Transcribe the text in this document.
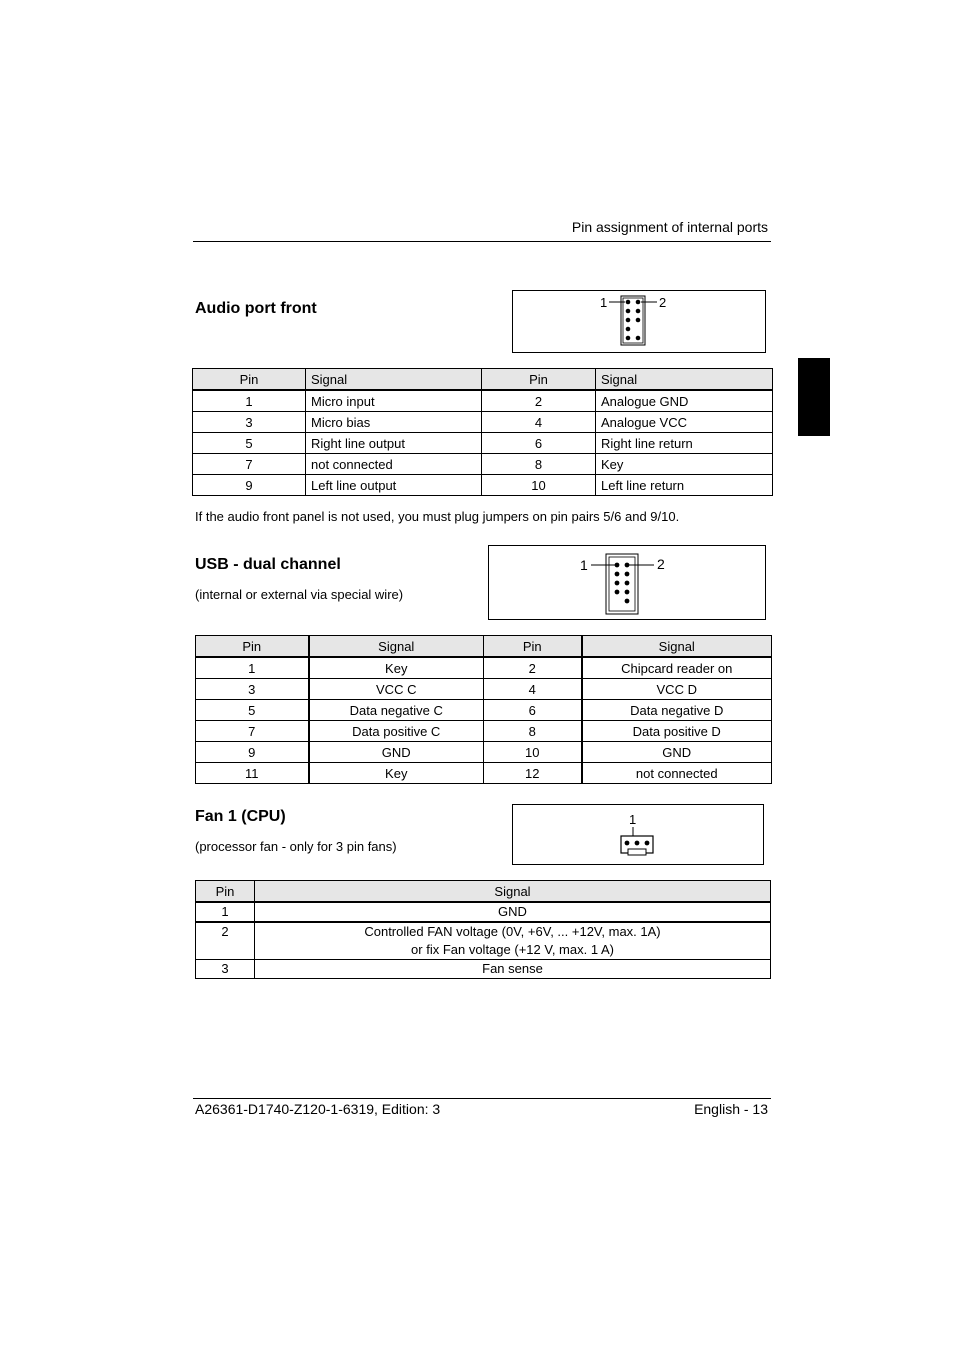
Pin assignment of internal ports
Audio port front	1	2
Pin	Signal	Pin	Signal
1	Micro input	2	Analogue GND
3	Micro bias	4	Analogue VCC
5	Right line output	6	Right line return
7	not connected	8	Key
9	Left line output	10	Left line return
If the audio front panel is not used, you must plug jumpers on pin pairs 5/6 and 9/10.
USB - dual channel
(internal or external via special wire)
1	2
Pin	Signal	Pin	Signal
1	Key	2	Chipcard reader on
3	VCC C	4	VCC D
5	Data negative C	6	Data negative D
7	Data positive C	8	Data positive D
9	GND	10	GND
11	Key	12	not connected
Fan 1 (CPU)
(processor fan - only for 3 pin fans)
1
Pin	Signal
1	GND
2	Controlled FAN voltage (0V, +6V, ... +12V, max. 1A)
or fix Fan voltage (+12 V, max. 1 A)

3	Fan sense
A26361-D1740-Z120-1-6319, Edition: 3	English - 13
